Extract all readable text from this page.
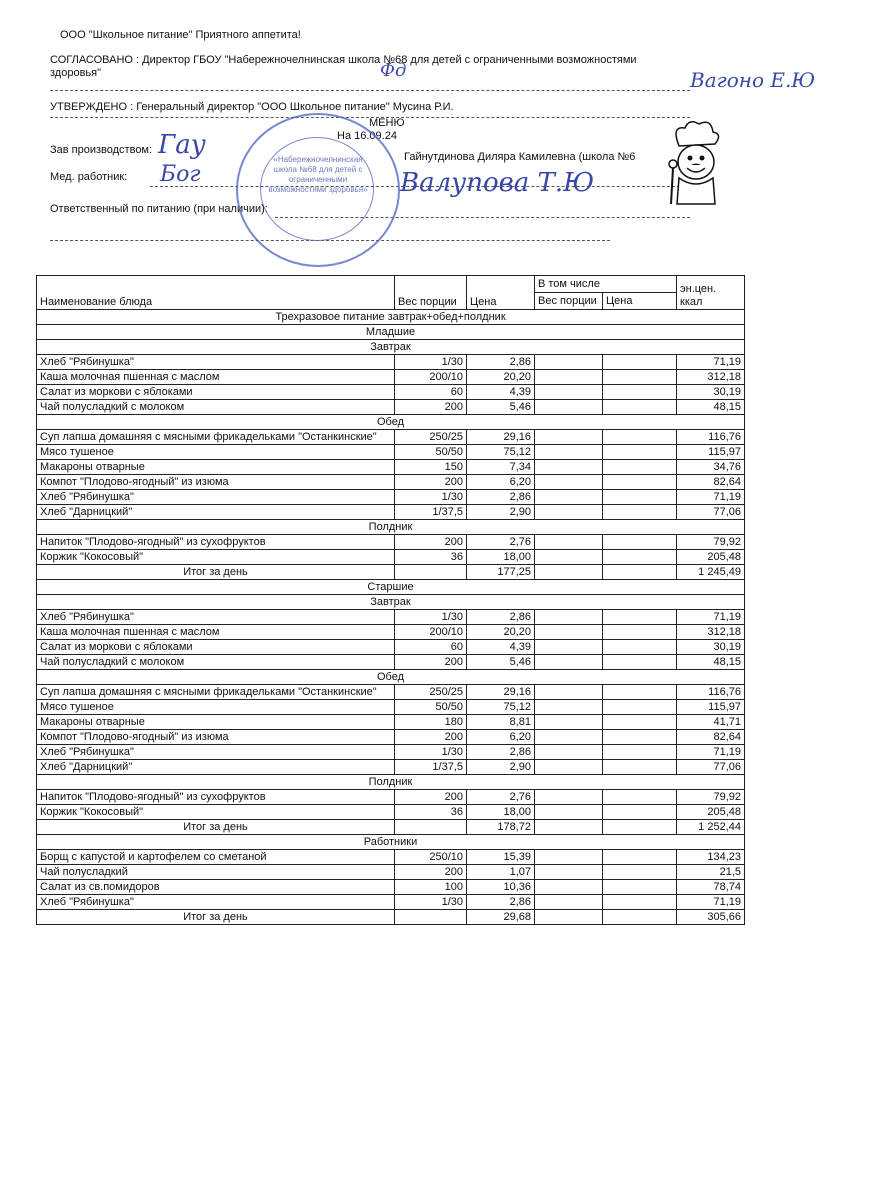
ООО "Школьное питание" Приятного аппетита!
СОГЛАСОВАНО : Директор ГБОУ "Набережночелнинская школа №68 для детей с ограниченными возможностями
здоровья"
УТВЕРЖДЕНО : Генеральный директор "ООО Школьное питание" Мусина Р.И.
МЕНЮ
На 16.09.24
Зав производством:
Гайнутдинова Диляра Камилевна (школа №6
Мед. работник:
Ответственный по питанию (при наличии):
Вагоно Е.Ю
Фд
Гау
Бог	Валупова Т.Ю
«Набережночелнинская школа №68 для детей с ограниченными возможностями здоровья»
Наименование блюда	Вес порции	Цена	В том числе		эн.цен. ккал
			Вес порции	Цена	
Трехразовое питание завтрак+обед+полдник					
Младшие					
Завтрак					
Хлеб "Рябинушка"	1/30	2,86			71,19
Каша молочная пшенная с маслом	200/10	20,20			312,18
Салат из моркови с яблоками	60	4,39			30,19
Чай полусладкий с молоком	200	5,46			48,15
Обед					
Суп лапша домашняя с мясными фрикадельками "Останкинские"	250/25	29,16			116,76
Мясо тушеное	50/50	75,12			115,97
Макароны отварные	150	7,34			34,76
Компот "Плодово-ягодный" из изюма	200	6,20			82,64
Хлеб "Рябинушка"	1/30	2,86			71,19
Хлеб "Дарницкий"	1/37,5	2,90			77,06
Полдник					
Напиток "Плодово-ягодный" из сухофруктов	200	2,76			79,92
Коржик "Кокосовый"	36	18,00			205,48
Итог за день		177,25			1 245,49
Старшие					
Завтрак					
Хлеб "Рябинушка"	1/30	2,86			71,19
Каша молочная пшенная с маслом	200/10	20,20			312,18
Салат из моркови с яблоками	60	4,39			30,19
Чай полусладкий с молоком	200	5,46			48,15
Обед					
Суп лапша домашняя с мясными фрикадельками "Останкинские"	250/25	29,16			116,76
Мясо тушеное	50/50	75,12			115,97
Макароны отварные	180	8,81			41,71
Компот "Плодово-ягодный" из изюма	200	6,20			82,64
Хлеб "Рябинушка"	1/30	2,86			71,19
Хлеб "Дарницкий"	1/37,5	2,90			77,06
Полдник					
Напиток "Плодово-ягодный" из сухофруктов	200	2,76			79,92
Коржик "Кокосовый"	36	18,00			205,48
Итог за день		178,72			1 252,44
Работники					
Борщ с капустой и картофелем со сметаной	250/10	15,39			134,23
Чай полусладкий	200	1,07			21,5
Салат из св.помидоров	100	10,36			78,74
Хлеб "Рябинушка"	1/30	2,86			71,19
Итог за день		29,68			305,66
